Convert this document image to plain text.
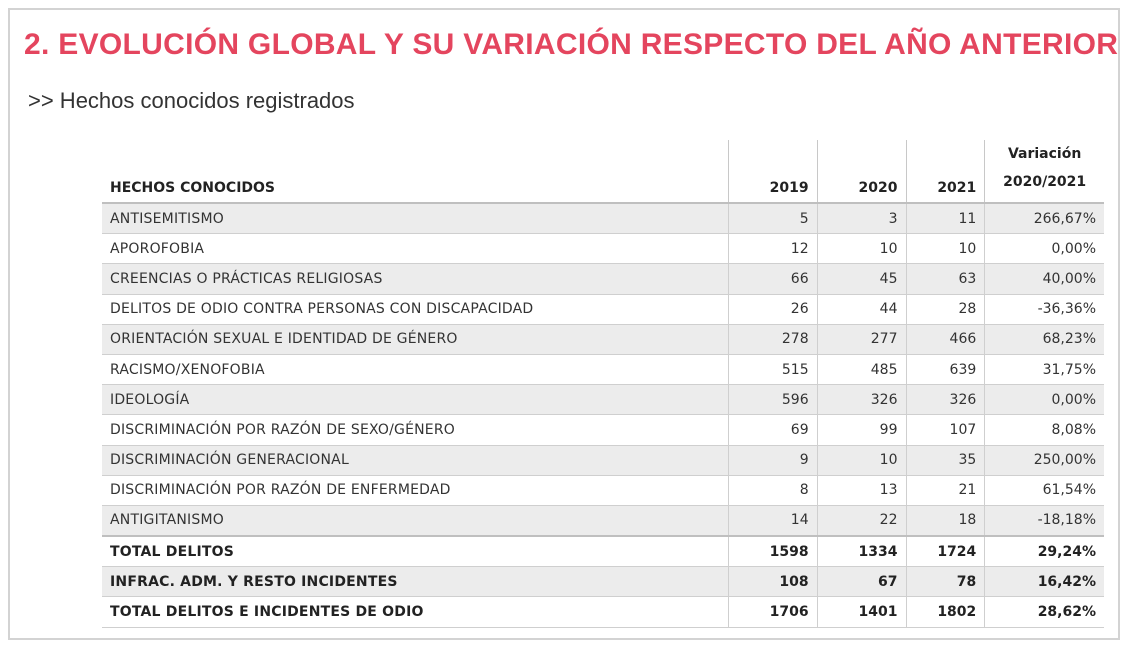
2. EVOLUCIÓN GLOBAL Y SU VARIACIÓN RESPECTO DEL AÑO ANTERIOR
>> Hechos conocidos registrados
HECHOS CONOCIDOS	2019	2020	2021	Variación
2020/2021
ANTISEMITISMO	5	3	11	266,67%
APOROFOBIA	12	10	10	0,00%
CREENCIAS O PRÁCTICAS RELIGIOSAS	66	45	63	40,00%
DELITOS DE ODIO CONTRA PERSONAS CON DISCAPACIDAD	26	44	28	-36,36%
ORIENTACIÓN SEXUAL E IDENTIDAD DE GÉNERO	278	277	466	68,23%
RACISMO/XENOFOBIA	515	485	639	31,75%
IDEOLOGÍA	596	326	326	0,00%
DISCRIMINACIÓN POR RAZÓN DE SEXO/GÉNERO	69	99	107	8,08%
DISCRIMINACIÓN GENERACIONAL	9	10	35	250,00%
DISCRIMINACIÓN POR RAZÓN DE ENFERMEDAD	8	13	21	61,54%
ANTIGITANISMO	14	22	18	-18,18%
TOTAL DELITOS	1598	1334	1724	29,24%
INFRAC. ADM. Y RESTO INCIDENTES	108	67	78	16,42%
TOTAL DELITOS E INCIDENTES DE ODIO	1706	1401	1802	28,62%
